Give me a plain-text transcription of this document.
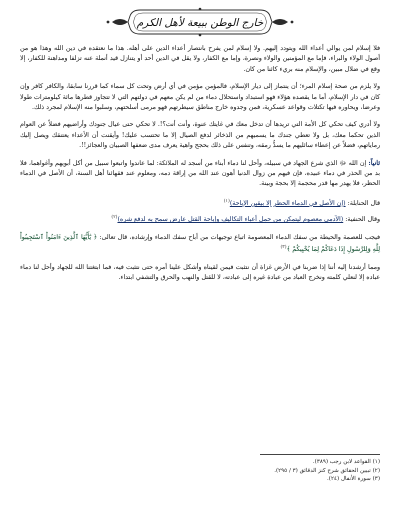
خارج الوطن ببيعة لأهل الكرم

فلا إسلام لمن يوالي أعداء الله ويتودد إليهم. ولا إسلام لمن يفرح بانتصار أعداء الدين على أهله. هذا ما نعتقده في دين الله وهذا هو من أصول الولاء والبراء، فإما مع المؤمنين والولاء ونصرة، وإما مع الكفار، ولا يقل في الدين أحد أو يتنازل قيد أنملة عنه تزلفا ومداهنة للكفار، إلا وقع في ضلال مبين، والإسلام منه بريء كائنا من كان.

ولا يلزم من صحة إسلام المرء؛ أن ينتماز إلى ديار الإسلام، فالمؤمن مؤمن في أي أرض وتحت كل سماء كما قررنا سابقا، والكافر كافر وإن كان في دار الإسلام، أما ما يقصده هؤلاء فهو استبداد واستحلال دماء من لم يكن معهم في دولتهم التي لا تتجاوز قطرها مائة كيلومترات طولا وعرضا، ويحاوره فيها تكتلات وقواعد عسكرية، فمن وجدوه خارج مناطق سيطرتهم فهو مرمى أسلحتهم، وسلبوا منه الإسلام لمجرد ذلك.

ولا أدري كيف تحكي كل الأمة التي تريدها أن تدخل معك في غايتك عنوة، وأنت أنت؟!. لا تحكي حتى عيال جنودك وأراضيهم فضلاً عن العوام الذين تحكما معك، بل ولا تعطي جندك ما يسميهم من الذخائر لدفع الصيال إلا ما تحتسب عليك! وأيقنت أن الأعداء يعتنقك ويصل إليك رماياتهم، فضلاً عن إعطاء سائليهم ما يسدُّ رمقه، وتنفس على ذلك بحجج واهية يعرف مدى ضعفها الصبيان والعجائز!!.

ثانياً: إن الله ﷻ الذي شرع الجهاد في سبيله، وأحل لنا دماء أبناء من أسجد له الملائكة: لما عاندوا واتبعوا سبيل من أكل أبويهم وأغواهما، فلا بد من الحذر في دماء عبيده، فإن فيهم من زوال الدنيا أهون عند الله من إراقة دمه، ومعلوم عند فقهائنا أهل السنة، أن الأصل في الدماء الحظر، فلا يهدر مها قدر محجمة إلا بحجة وبينة.

قال الحنابلة: (إن الأصل في الدماء الحظر إلا بيقين الإباحة)$^{(١)}$

وقال الحنفية: (الآدمي معصوم ليتمكن من حمل أعباء التكاليف وإباحة القتل عارض سمح به لدفع شره)$^{(٢)}$

فيجب للعصمة والحيطة من سفك الدماء المعصومة اتباع توجيهات من أباح سفك الدماء وإرشاده، قال تعالى: ﴿ يَٰٓأَيُّهَا ٱلَّذِينَ ءَامَنُواْ ٱسْتَجِيبُواْ لِلَّهِ وَلِلرَّسُولِ إِذَا دَعَاكُمْ لِمَا يُحْيِيكُمْ ﴾$^{(٣)}$

ومما أرشدنا إليه أننا إذا ضربنا في الأرض غزاة أن نتثبت فيمن لقيناه وأشكل علينا أمره حتى نتثبت فيه، فما ابتغتنا الله للجهاد وأحل لنا دماء عباده إلا لنعلي كلمته ونخرج العباد من عبادة غيره إلى عبادته، لا للقتل والنهب والحرق والتشفي ابتداء.

(١) القواعد لابن رجب (٣٨٩).
(٢) تبيين الحقائق شرح كنز الدقائق (٣ / ٢٩٥).
(٣) سورة الأنفال (٢٤).
